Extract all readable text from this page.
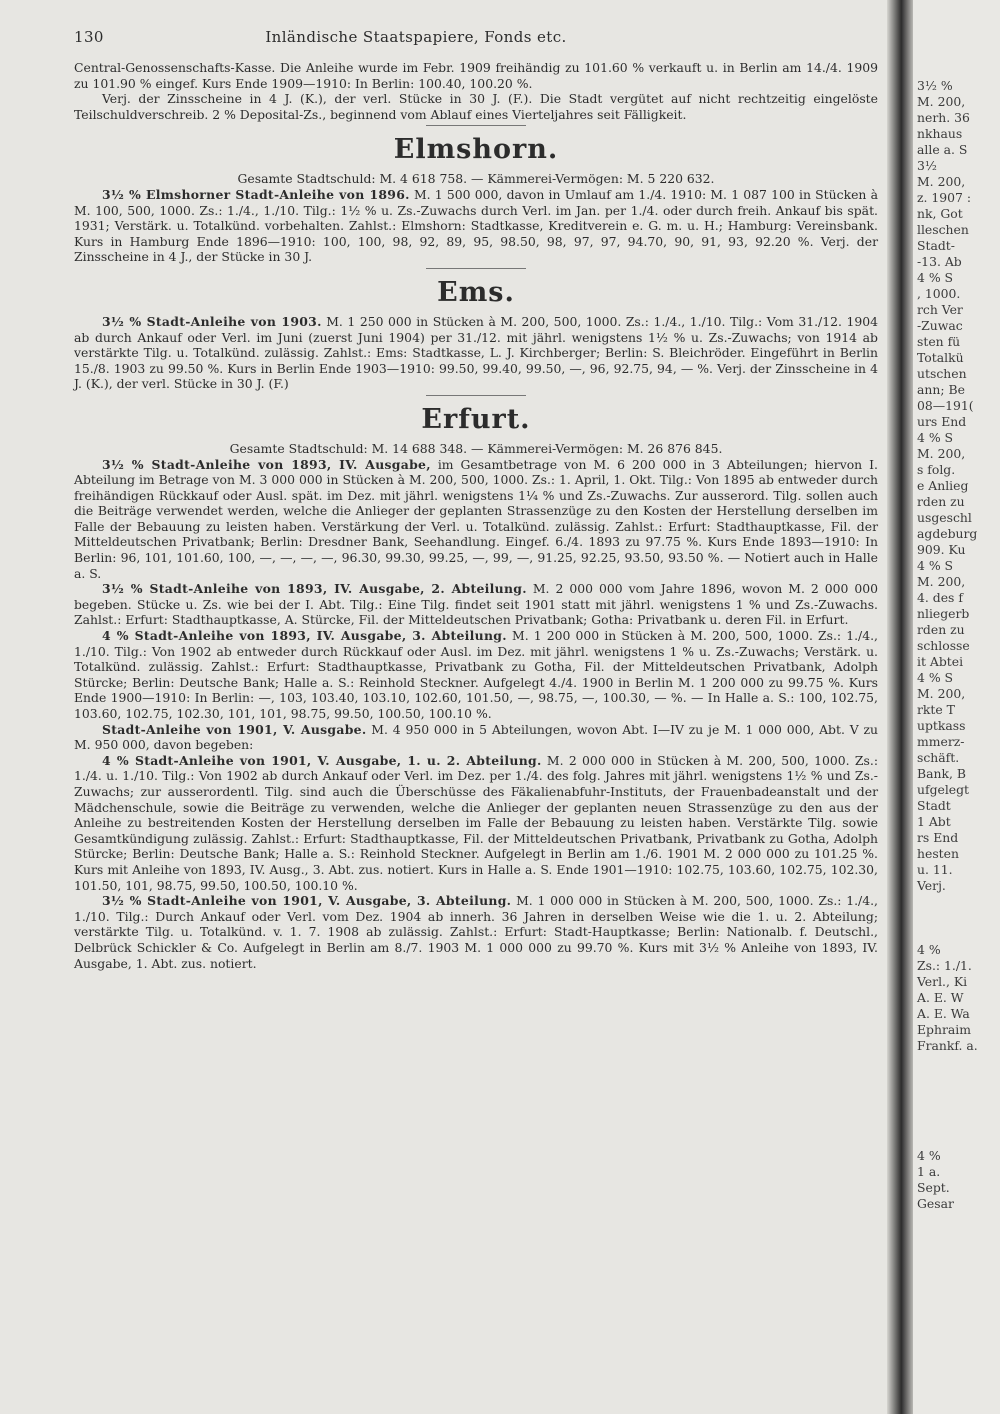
130	Inländische Staatspapiere, Fonds etc.

Central-Genossenschafts-Kasse. Die Anleihe wurde im Febr. 1909 freihändig zu 101.60 % verkauft u. in Berlin am 14./4. 1909 zu 101.90 % eingef. Kurs Ende 1909—1910: In Berlin: 100.40, 100.20 %.

Verj. der Zinsscheine in 4 J. (K.), der verl. Stücke in 30 J. (F.). Die Stadt vergütet auf nicht rechtzeitig eingelöste Teilschuldverschreib. 2 % Deposital-Zs., beginnend vom Ablauf eines Vierteljahres seit Fälligkeit.

Elmshorn.
Gesamte Stadtschuld: M. 4 618 758. — Kämmerei-Vermögen: M. 5 220 632.

3½ % Elmshorner Stadt-Anleihe von 1896. M. 1 500 000, davon in Umlauf am 1./4. 1910: M. 1 087 100 in Stücken à M. 100, 500, 1000. Zs.: 1./4., 1./10. Tilg.: 1½ % u. Zs.-Zuwachs durch Verl. im Jan. per 1./4. oder durch freih. Ankauf bis spät. 1931; Verstärk. u. Totalkünd. vorbehalten. Zahlst.: Elmshorn: Stadtkasse, Kreditverein e. G. m. u. H.; Hamburg: Vereinsbank. Kurs in Hamburg Ende 1896—1910: 100, 100, 98, 92, 89, 95, 98.50, 98, 97, 97, 94.70, 90, 91, 93, 92.20 %. Verj. der Zinsscheine in 4 J., der Stücke in 30 J.

Ems.

3½ % Stadt-Anleihe von 1903. M. 1 250 000 in Stücken à M. 200, 500, 1000. Zs.: 1./4., 1./10. Tilg.: Vom 31./12. 1904 ab durch Ankauf oder Verl. im Juni (zuerst Juni 1904) per 31./12. mit jährl. wenigstens 1½ % u. Zs.-Zuwachs; von 1914 ab verstärkte Tilg. u. Totalkünd. zulässig. Zahlst.: Ems: Stadtkasse, L. J. Kirchberger; Berlin: S. Bleichröder. Eingeführt in Berlin 15./8. 1903 zu 99.50 %. Kurs in Berlin Ende 1903—1910: 99.50, 99.40, 99.50, —, 96, 92.75, 94, — %. Verj. der Zinsscheine in 4 J. (K.), der verl. Stücke in 30 J. (F.)

Erfurt.
Gesamte Stadtschuld: M. 14 688 348. — Kämmerei-Vermögen: M. 26 876 845.

3½ % Stadt-Anleihe von 1893, IV. Ausgabe, im Gesamtbetrage von M. 6 200 000 in 3 Abteilungen; hiervon I. Abteilung im Betrage von M. 3 000 000 in Stücken à M. 200, 500, 1000. Zs.: 1. April, 1. Okt. Tilg.: Von 1895 ab entweder durch freihändigen Rückkauf oder Ausl. spät. im Dez. mit jährl. wenigstens 1¼ % und Zs.-Zuwachs. Zur ausserord. Tilg. sollen auch die Beiträge verwendet werden, welche die Anlieger der geplanten Strassenzüge zu den Kosten der Herstellung derselben im Falle der Bebauung zu leisten haben. Verstärkung der Verl. u. Totalkünd. zulässig. Zahlst.: Erfurt: Stadthauptkasse, Fil. der Mitteldeutschen Privatbank; Berlin: Dresdner Bank, Seehandlung. Eingef. 6./4. 1893 zu 97.75 %. Kurs Ende 1893—1910: In Berlin: 96, 101, 101.60, 100, —, —, —, —, 96.30, 99.30, 99.25, —, 99, —, 91.25, 92.25, 93.50, 93.50 %. — Notiert auch in Halle a. S.

3½ % Stadt-Anleihe von 1893, IV. Ausgabe, 2. Abteilung. M. 2 000 000 vom Jahre 1896, wovon M. 2 000 000 begeben. Stücke u. Zs. wie bei der I. Abt. Tilg.: Eine Tilg. findet seit 1901 statt mit jährl. wenigstens 1 % und Zs.-Zuwachs. Zahlst.: Erfurt: Stadthauptkasse, A. Stürcke, Fil. der Mitteldeutschen Privatbank; Gotha: Privatbank u. deren Fil. in Erfurt.

4 % Stadt-Anleihe von 1893, IV. Ausgabe, 3. Abteilung. M. 1 200 000 in Stücken à M. 200, 500, 1000. Zs.: 1./4., 1./10. Tilg.: Von 1902 ab entweder durch Rückkauf oder Ausl. im Dez. mit jährl. wenigstens 1 % u. Zs.-Zuwachs; Verstärk. u. Totalkünd. zulässig. Zahlst.: Erfurt: Stadthauptkasse, Privatbank zu Gotha, Fil. der Mitteldeutschen Privatbank, Adolph Stürcke; Berlin: Deutsche Bank; Halle a. S.: Reinhold Steckner. Aufgelegt 4./4. 1900 in Berlin M. 1 200 000 zu 99.75 %. Kurs Ende 1900—1910: In Berlin: —, 103, 103.40, 103.10, 102.60, 101.50, —, 98.75, —, 100.30, — %. — In Halle a. S.: 100, 102.75, 103.60, 102.75, 102.30, 101, 101, 98.75, 99.50, 100.50, 100.10 %.

Stadt-Anleihe von 1901, V. Ausgabe. M. 4 950 000 in 5 Abteilungen, wovon Abt. I—IV zu je M. 1 000 000, Abt. V zu M. 950 000, davon begeben:

4 % Stadt-Anleihe von 1901, V. Ausgabe, 1. u. 2. Abteilung. M. 2 000 000 in Stücken à M. 200, 500, 1000. Zs.: 1./4. u. 1./10. Tilg.: Von 1902 ab durch Ankauf oder Verl. im Dez. per 1./4. des folg. Jahres mit jährl. wenigstens 1½ % und Zs.-Zuwachs; zur ausserordentl. Tilg. sind auch die Überschüsse des Fäkalienabfuhr-Instituts, der Frauenbadeanstalt und der Mädchenschule, sowie die Beiträge zu verwenden, welche die Anlieger der geplanten neuen Strassenzüge zu den aus der Anleihe zu bestreitenden Kosten der Herstellung derselben im Falle der Bebauung zu leisten haben. Verstärkte Tilg. sowie Gesamtkündigung zulässig. Zahlst.: Erfurt: Stadthauptkasse, Fil. der Mitteldeutschen Privatbank, Privatbank zu Gotha, Adolph Stürcke; Berlin: Deutsche Bank; Halle a. S.: Reinhold Steckner. Aufgelegt in Berlin am 1./6. 1901 M. 2 000 000 zu 101.25 %. Kurs mit Anleihe von 1893, IV. Ausg., 3. Abt. zus. notiert. Kurs in Halle a. S. Ende 1901—1910: 102.75, 103.60, 102.75, 102.30, 101.50, 101, 98.75, 99.50, 100.50, 100.10 %.

3½ % Stadt-Anleihe von 1901, V. Ausgabe, 3. Abteilung. M. 1 000 000 in Stücken à M. 200, 500, 1000. Zs.: 1./4., 1./10. Tilg.: Durch Ankauf oder Verl. vom Dez. 1904 ab innerh. 36 Jahren in derselben Weise wie die 1. u. 2. Abteilung; verstärkte Tilg. u. Totalkünd. v. 1. 7. 1908 ab zulässig. Zahlst.: Erfurt: Stadt-Hauptkasse; Berlin: Nationalb. f. Deutschl., Delbrück Schickler & Co. Aufgelegt in Berlin am 8./7. 1903 M. 1 000 000 zu 99.70 %. Kurs mit 3½ % Anleihe von 1893, IV. Ausgabe, 1. Abt. zus. notiert.

3½ %
M. 200,
nerh. 36
nkhaus
alle a. S
3½
M. 200,
z. 1907 :
nk, Got
lleschen
Stadt-
-13. Ab
4 % S
, 1000.
rch Ver
-Zuwac
sten fü
Totalkü
utschen
ann; Be
08—191(
urs End
4 % S
M. 200,
s folg.
e Anlieg
rden zu
usgeschl
agdeburg
909. Ku
4 % S
M. 200,
4. des f
nliegerb
rden zu
schlosse
it Abtei
4 % S
M. 200,
rkte T
uptkass
mmerz-
schäft.
Bank, B
ufgelegt
Stadt
1 Abt
rs End
hesten
u. 11.
Verj.
4 %
Zs.: 1./1.
Verl., Ki
A. E. W
A. E. Wa
Ephraim
Frankf. a.
4 %
1 a.
Sept.
Gesar
